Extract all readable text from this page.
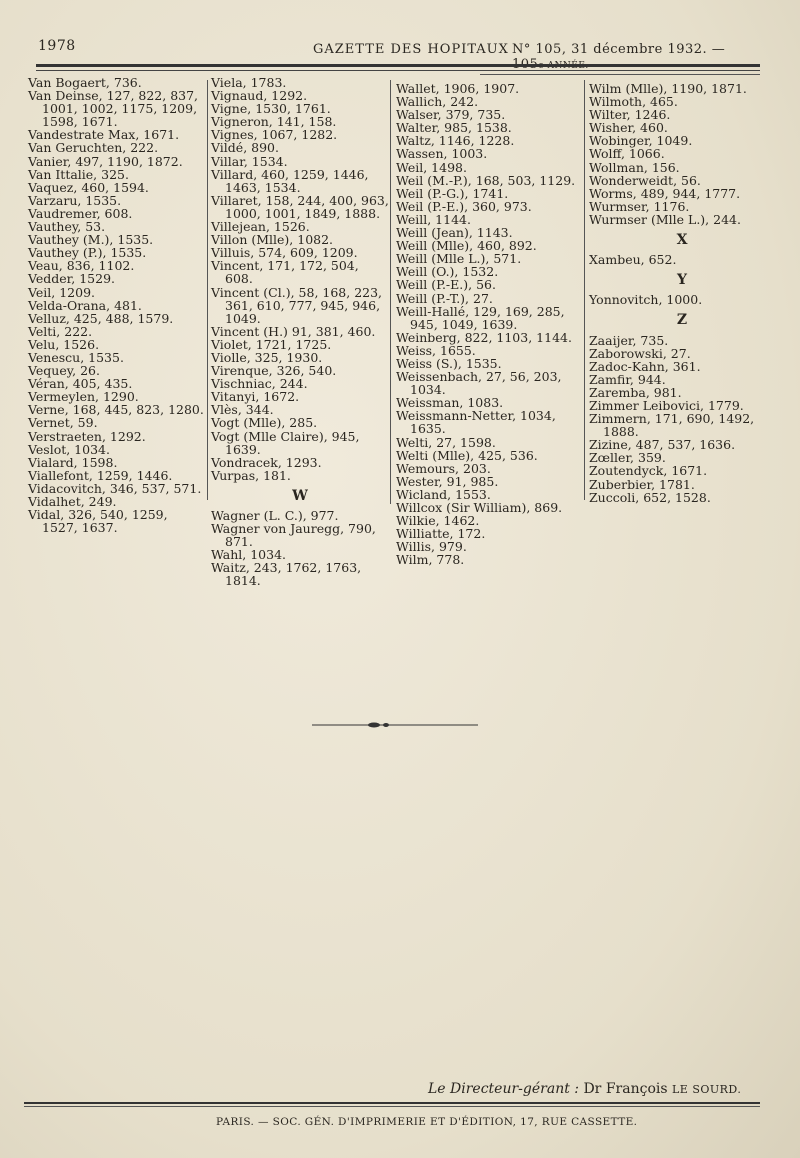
1978	GAZETTE DES HOPITAUX N° 105, 31 décembre 1932. —
Van Bogaert, 736.
Van Deinse, 127, 822, 837, 1001, 1002, 1175, 1209, 1598, 1671.
Vandestrate Max, 1671.
Van Geruchten, 222.
Vanier, 497, 1190, 1872.
Van Ittalie, 325.
Vaquez, 460, 1594.
Varzaru, 1535.
Vaudremer, 608.
Vauthey, 53.
Vauthey (M.), 1535.
Vauthey (P.), 1535.
Veau, 836, 1102.
Vedder, 1529.
Veil, 1209.
Velda-Orana, 481.
Velluz, 425, 488, 1579.
Velti, 222.
Velu, 1526.
Venescu, 1535.
Vequey, 26.
Véran, 405, 435.
Vermeylen, 1290.
Verne, 168, 445, 823, 1280.
Vernet, 59.
Verstraeten, 1292.
Veslot, 1034.
Vialard, 1598.
Viallefont, 1259, 1446.
Vidacovitch, 346, 537, 571.
Vidalhet, 249.
Vidal, 326, 540, 1259, 1527, 1637.
Viela, 1783.
Vignaud, 1292.
Vigne, 1530, 1761.
Vigneron, 141, 158.
Vignes, 1067, 1282.
Vildé, 890.
Villar, 1534.
Villard, 460, 1259, 1446, 1463, 1534.
Villaret, 158, 244, 400, 963, 1000, 1001, 1849, 1888.
Villejean, 1526.
Villon (Mlle), 1082.
Villuis, 574, 609, 1209.
Vincent, 171, 172, 504, 608.
Vincent (Cl.), 58, 168, 223, 361, 610, 777, 945, 946, 1049.
Vincent (H.) 91, 381, 460.
Violet, 1721, 1725.
Violle, 325, 1930.
Virenque, 326, 540.
Vischniac, 244.
Vitanyi, 1672.
Vlès, 344.
Vogt (Mlle), 285.
Vogt (Mlle Claire), 945, 1639.
Vondracek, 1293.
Vurpas, 181.
W
Wagner (L. C.), 977.
Wagner von Jauregg, 790, 871.
Wahl, 1034.
Waitz, 243, 1762, 1763, 1814.
Wallet, 1906, 1907.
Wallich, 242.
Walser, 379, 735.
Walter, 985, 1538.
Waltz, 1146, 1228.
Wassen, 1003.
Weil, 1498.
Weil (M.-P.), 168, 503, 1129.
Weil (P.-G.), 1741.
Weil (P.-E.), 360, 973.
Weill, 1144.
Weill (Jean), 1143.
Weill (Mlle), 460, 892.
Weill (Mlle L.), 571.
Weill (O.), 1532.
Weill (P.-E.), 56.
Weill (P.-T.), 27.
Weill-Hallé, 129, 169, 285, 945, 1049, 1639.
Weinberg, 822, 1103, 1144.
Weiss, 1655.
Weiss (S.), 1535.
Weissenbach, 27, 56, 203, 1034.
Weissman, 1083.
Weissmann-Netter, 1034, 1635.
Welti, 27, 1598.
Welti (Mlle), 425, 536.
Wemours, 203.
Wester, 91, 985.
Wicland, 1553.
Willcox (Sir William), 869.
Wilkie, 1462.
Williatte, 172.
Willis, 979.
Wilm, 778.
Wilm (Mlle), 1190, 1871.
Wilmoth, 465.
Wilter, 1246.
Wisher, 460.
Wobinger, 1049.
Wolff, 1066.
Wollman, 156.
Wonderweidt, 56.
Worms, 489, 944, 1777.
Wurmser, 1176.
Wurmser (Mlle L.), 244.
X
Xambeu, 652.
Y
Yonnovitch, 1000.
Z
Zaaijer, 735.
Zaborowski, 27.
Zadoc-Kahn, 361.
Zamfir, 944.
Zaremba, 981.
Zimmer Leibovici, 1779.
Zimmern, 171, 690, 1492, 1888.
Zizine, 487, 537, 1636.
Zœller, 359.
Zoutendyck, 1671.
Zuberbier, 1781.
Zuccoli, 652, 1528.
Le Directeur-gérant : Dr François LE SOURD.
PARIS. — SOC. GÉN. D'IMPRIMERIE ET D'ÉDITION, 17, RUE CASSETTE.
